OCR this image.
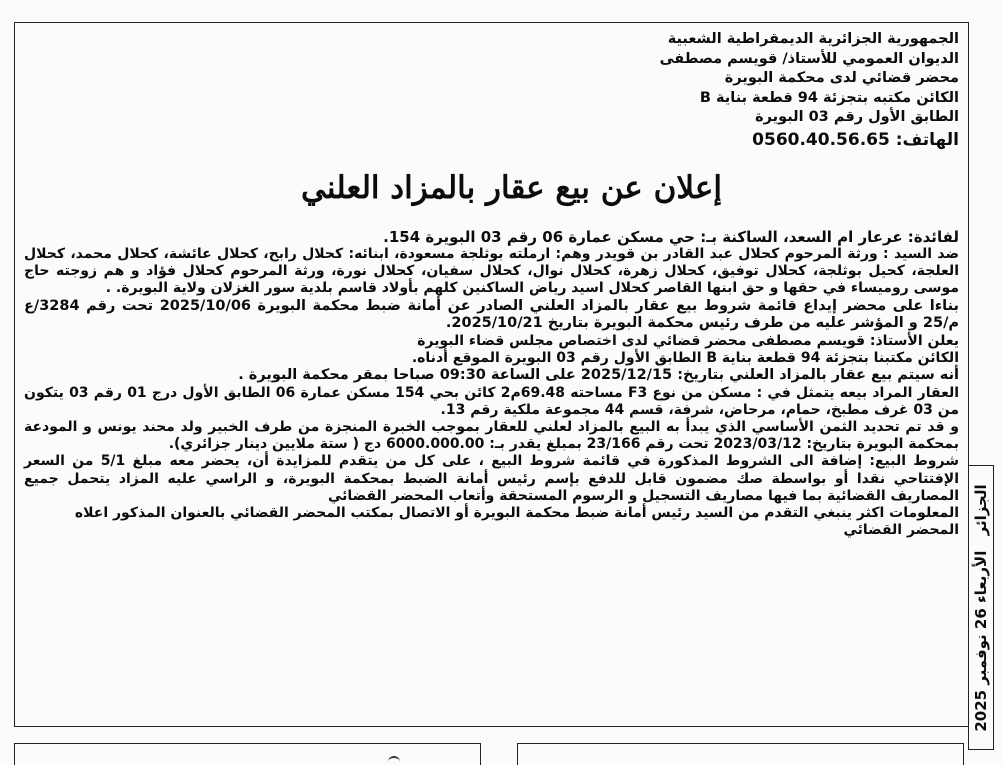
الجمهورية الجزائرية الديمقراطية الشعبية
الديوان العمومي للأستاذ/ قويسم مصطفى
محضر قضائي لدى محكمة البويرة
الكائن مكتبه بتجزئة 94 قطعة بناية B
الطابق الأول رقم 03 البويرة
الهاتف: 0560.40.56.65
إعلان عن بيع عقار بالمزاد العلني

لفائدة: عرعار ام السعد، الساكنة بـ: حي مسكن عمارة 06 رقم 03 البويرة 154.

ضد السيد : ورثة المرحوم كحلال عبد القادر بن قويدر وهم: ارملته بوثلجة مسعودة، ابنائه: كحلال رابح، كحلال عائشة، كحلال محمد، كحلال العلجة، كحيل بوثلجة، كحلال توفيق، كحلال زهرة، كحلال نوال، كحلال سفيان، كحلال نورة، ورثة المرحوم كحلال فؤاد و هم زوجته حاج موسى روميساء في حقها و حق ابنها القاصر كحلال اسيد رياض الساكنين كلهم بأولاد قاسم بلدية سور الغزلان ولاية البويرة. .

بناءا على محضر إيداع قائمة شروط بيع عقار بالمزاد العلني الصادر عن أمانة ضبط محكمة البويرة 2025/10/06 تحت رقم 3284/ع م/25 و المؤشر عليه من طرف رئيس محكمة البويرة بتاريخ 2025/10/21.

يعلن الأستاذ: قويسم مصطفى محضر قضائي لدى اختصاص مجلس قضاء البويرة

الكائن مكتبنا بتجزئة 94 قطعة بناية B الطابق الأول رقم 03 البويرة الموقع أدناه.

أنه سيتم بيع عقار بالمزاد العلني بتاريخ: 2025/12/15 على الساعة 09:30 صباحا بمقر محكمة البويرة .

العقار المراد بيعه يتمثل في : مسكن من نوع F3 مساحته 69.48م2 كائن بحي 154 مسكن عمارة 06 الطابق الأول درج 01 رقم 03 يتكون من 03 غرف مطبخ، حمام، مرحاض، شرفة، قسم 44 مجموعة ملكية رقم 13.

و قد تم تحديد الثمن الأساسي الذي يبدأ به البيع بالمزاد لعلني للعقار بموجب الخبرة المنجزة من طرف الخبير ولد محند يونس و المودعة بمحكمة البويرة بتاريخ: 2023/03/12 تحت رقم 23/166 بمبلغ يقدر بـ: 6000.000.00 دج ( ستة ملايين دينار جزائري).

شروط البيع: إضافة الى الشروط المذكورة في قائمة شروط البيع ، على كل من يتقدم للمزايدة أن، يحضر معه مبلغ 5/1 من السعر الإفتتاحي نقدا أو بواسطة صك مضمون قابل للدفع بإسم رئيس أمانة الضبط بمحكمة البويرة، و الراسي عليه المزاد يتحمل جميع المصاريف القضائية بما فيها مصاريف التسجيل و الرسوم المستحقة وأتعاب المحضر القضائي

المعلومات اكثر ينبغي التقدم من السيد رئيس أمانة ضبط محكمة البويرة أو الاتصال بمكتب المحضر القضائي بالعنوان المذكور اعلاه

المحضر القضائي الجزائر الأربعاء 26 نوفمبر 2025
